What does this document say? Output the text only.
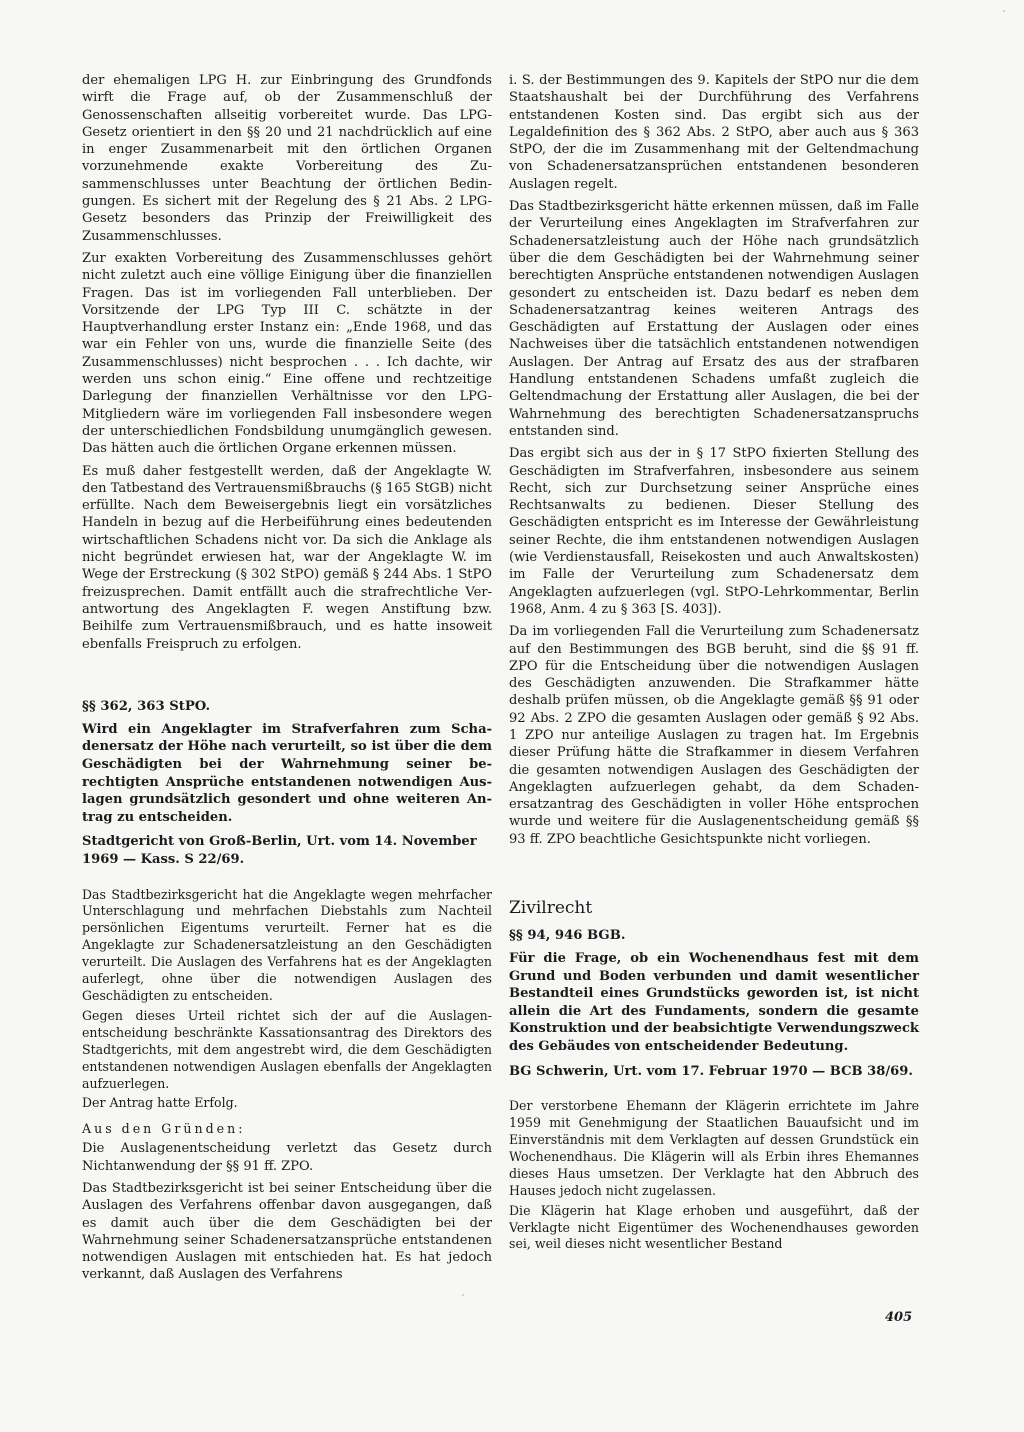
der ehemaligen LPG H. zur Einbringung des Grundfonds wirft die Frage auf, ob der Zusammenschluß der Genossenschaften allseitig vorbereitet wurde. Das LPG-Gesetz orientiert in den §§ 20 und 21 nachdrücklich auf eine in enger Zusammenarbeit mit den örtlichen Organen vorzunehmende exakte Vorbereitung des Zusammenschlusses unter Beachtung der örtlichen Bedingungen. Es sichert mit der Regelung des § 21 Abs. 2 LPG-Gesetz besonders das Prinzip der Freiwilligkeit des Zusammenschlusses.

Zur exakten Vorbereitung des Zusammenschlusses gehört nicht zuletzt auch eine völlige Einigung über die finanziellen Fragen. Das ist im vorliegenden Fall unterblieben. Der Vorsitzende der LPG Typ III C. schätzte in der Hauptverhandlung erster Instanz ein: „Ende 1968, und das war ein Fehler von uns, wurde die finanzielle Seite (des Zusammenschlusses) nicht besprochen . . . Ich dachte, wir werden uns schon einig.“ Eine offene und rechtzeitige Darlegung der finanziellen Verhältnisse vor den LPG-Mitgliedern wäre im vorliegenden Fall insbesondere wegen der unterschiedlichen Fondsbildung unumgänglich gewesen. Das hätten auch die örtlichen Organe erkennen müssen.

Es muß daher festgestellt werden, daß der Angeklagte W. den Tatbestand des Vertrauensmißbrauchs (§ 165 StGB) nicht erfüllte. Nach dem Beweisergebnis liegt ein vorsätzliches Handeln in bezug auf die Herbeiführung eines bedeutenden wirtschaftlichen Schadens nicht vor. Da sich die Anklage als nicht begründet erwiesen hat, war der Angeklagte W. im Wege der Erstreckung (§ 302 StPO) gemäß § 244 Abs. 1 StPO freizusprechen. Damit entfällt auch die strafrechtliche Verantwortung des Angeklagten F. wegen Anstiftung bzw. Beihilfe zum Vertrauensmißbrauch, und es hatte insoweit ebenfalls Freispruch zu erfolgen.

§§ 362, 363 StPO.

Wird ein Angeklagter im Strafverfahren zum Schadenersatz der Höhe nach verurteilt, so ist über die dem Geschädigten bei der Wahrnehmung seiner berechtigten Ansprüche entstandenen notwendigen Auslagen grundsätzlich gesondert und ohne weiteren Antrag zu entscheiden.

Stadtgericht von Groß-Berlin, Urt. vom 14. November 1969 — Kass. S 22/69.

Das Stadtbezirksgericht hat die Angeklagte wegen mehrfacher Unterschlagung und mehrfachen Diebstahls zum Nachteil persönlichen Eigentums verurteilt. Ferner hat es die Angeklagte zur Schadenersatzleistung an den Geschädigten verurteilt. Die Auslagen des Verfahrens hat es der Angeklagten auferlegt, ohne über die notwendigen Auslagen des Geschädigten zu entscheiden.

Gegen dieses Urteil richtet sich der auf die Auslagenentscheidung beschränkte Kassationsantrag des Direktors des Stadtgerichts, mit dem angestrebt wird, die dem Geschädigten entstandenen notwendigen Auslagen ebenfalls der Angeklagten aufzuerlegen.

Der Antrag hatte Erfolg.

Aus den Gründen:

Die Auslagenentscheidung verletzt das Gesetz durch Nichtanwendung der §§ 91 ff. ZPO.

Das Stadtbezirksgericht ist bei seiner Entscheidung über die Auslagen des Verfahrens offenbar davon ausgegangen, daß es damit auch über die dem Geschädigten bei der Wahrnehmung seiner Schadenersatzansprüche entstandenen notwendigen Auslagen mit entschieden hat. Es hat jedoch verkannt, daß Auslagen des Verfahrens

i. S. der Bestimmungen des 9. Kapitels der StPO nur die dem Staatshaushalt bei der Durchführung des Verfahrens entstandenen Kosten sind. Das ergibt sich aus der Legaldefinition des § 362 Abs. 2 StPO, aber auch aus § 363 StPO, der die im Zusammenhang mit der Geltendmachung von Schadenersatzansprüchen entstandenen besonderen Auslagen regelt.

Das Stadtbezirksgericht hätte erkennen müssen, daß im Falle der Verurteilung eines Angeklagten im Strafverfahren zur Schadenersatzleistung auch der Höhe nach grundsätzlich über die dem Geschädigten bei der Wahrnehmung seiner berechtigten Ansprüche entstandenen notwendigen Auslagen gesondert zu entscheiden ist. Dazu bedarf es neben dem Schadenersatzantrag keines weiteren Antrags des Geschädigten auf Erstattung der Auslagen oder eines Nachweises über die tatsächlich entstandenen notwendigen Auslagen. Der Antrag auf Ersatz des aus der strafbaren Handlung entstandenen Schadens umfaßt zugleich die Geltendmachung der Erstattung aller Auslagen, die bei der Wahrnehmung des berechtigten Schadenersatzanspruchs entstanden sind.

Das ergibt sich aus der in § 17 StPO fixierten Stellung des Geschädigten im Strafverfahren, insbesondere aus seinem Recht, sich zur Durchsetzung seiner Ansprüche eines Rechtsanwalts zu bedienen. Dieser Stellung des Geschädigten entspricht es im Interesse der Gewährleistung seiner Rechte, die ihm entstandenen notwendigen Auslagen (wie Verdienstausfall, Reisekosten und auch Anwaltskosten) im Falle der Verurteilung zum Schadenersatz dem Angeklagten aufzuerlegen (vgl. StPO-Lehrkommentar, Berlin 1968, Anm. 4 zu § 363 [S. 403]).

Da im vorliegenden Fall die Verurteilung zum Schadenersatz auf den Bestimmungen des BGB beruht, sind die §§ 91 ff. ZPO für die Entscheidung über die notwendigen Auslagen des Geschädigten anzuwenden. Die Strafkammer hätte deshalb prüfen müssen, ob die Angeklagte gemäß §§ 91 oder 92 Abs. 2 ZPO die gesamten Auslagen oder gemäß § 92 Abs. 1 ZPO nur anteilige Auslagen zu tragen hat. Im Ergebnis dieser Prüfung hätte die Strafkammer in diesem Verfahren die gesamten notwendigen Auslagen des Geschädigten der Angeklagten aufzuerlegen gehabt, da dem Schadenersatzantrag des Geschädigten in voller Höhe entsprochen wurde und weitere für die Auslagenentscheidung gemäß §§ 93 ff. ZPO beachtliche Gesichtspunkte nicht vorliegen.

Zivilrecht

§§ 94, 946 BGB.

Für die Frage, ob ein Wochenendhaus fest mit dem Grund und Boden verbunden und damit wesentlicher Bestandteil eines Grundstücks geworden ist, ist nicht allein die Art des Fundaments, sondern die gesamte Konstruktion und der beabsichtigte Verwendungszweck des Gebäudes von entscheidender Bedeutung.

BG Schwerin, Urt. vom 17. Februar 1970 — BCB 38/69.

Der verstorbene Ehemann der Klägerin errichtete im Jahre 1959 mit Genehmigung der Staatlichen Bauaufsicht und im Einverständnis mit dem Verklagten auf dessen Grundstück ein Wochenendhaus. Die Klägerin will als Erbin ihres Ehemannes dieses Haus umsetzen. Der Verklagte hat den Abbruch des Hauses jedoch nicht zugelassen.

Die Klägerin hat Klage erhoben und ausgeführt, daß der Verklagte nicht Eigentümer des Wochenendhauses geworden sei, weil dieses nicht wesentlicher Bestand

405
